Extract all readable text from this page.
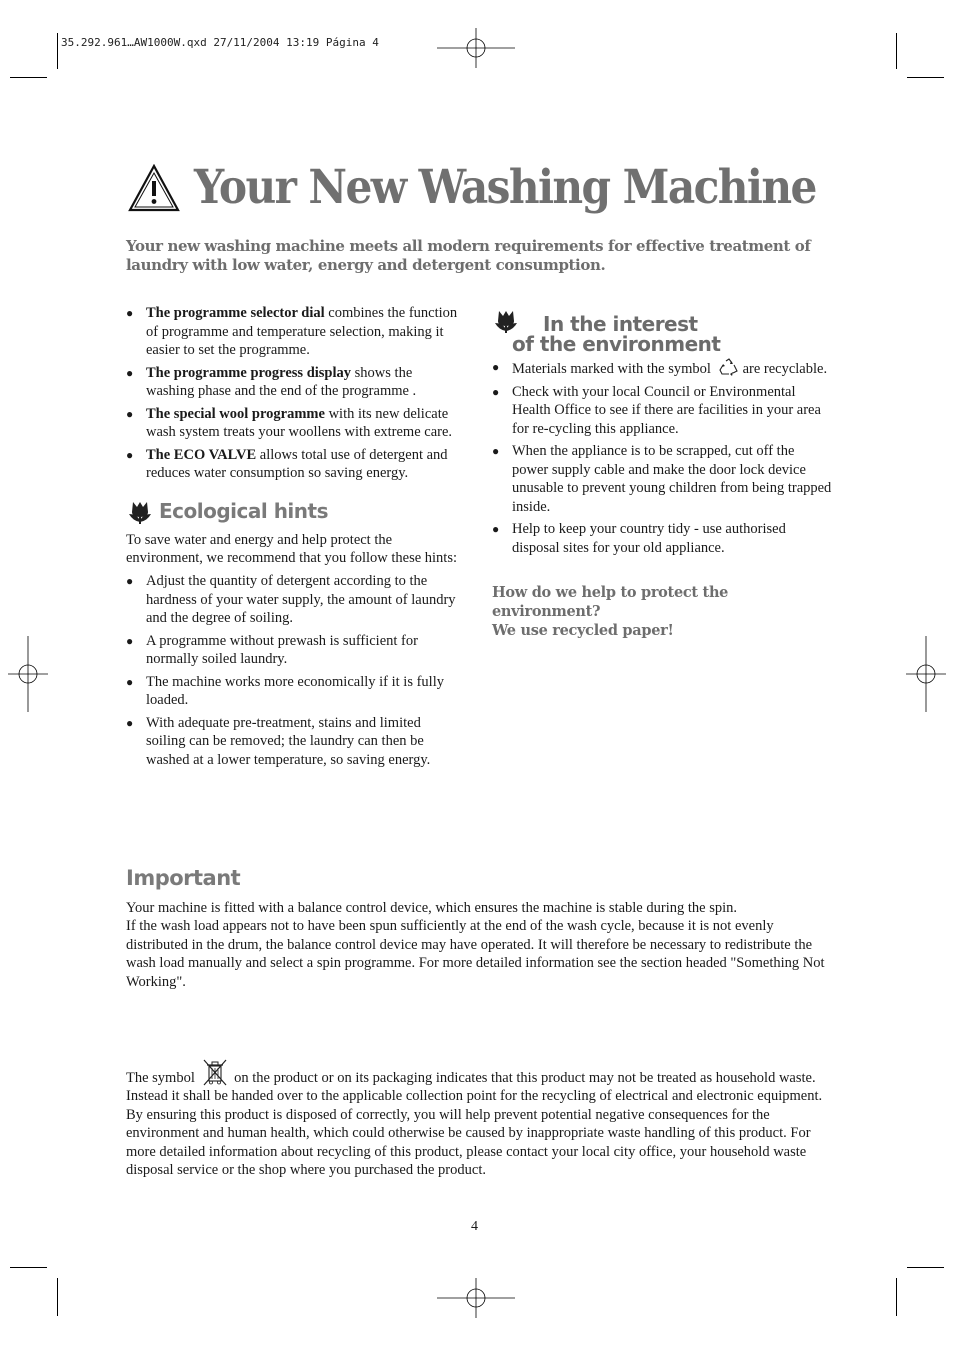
35.292.961…AW1000W.qxd 27/11/2004 13:19 Página 4
Your New Washing Machine
Your new washing machine meets all modern requirements for effective treatment of laundry with low water, energy and detergent consumption.
● The programme selector dial combines the function of programme and temperature selection, making it easier to set the programme.
● The programme progress display shows the washing phase and the end of the programme .
● The special wool programme with its new delicate wash system treats your woollens with extreme care.
● The ECO VALVE allows total use of detergent and reduces water consumption so saving energy.
Ecological hints
To save water and energy and help protect the environment, we recommend that you follow these hints:
● Adjust the quantity of detergent according to the hardness of your water supply, the amount of laundry and the degree of soiling.
● A programme without prewash is sufficient for normally soiled laundry.
● The machine works more economically if it is fully loaded.
● With adequate pre-treatment, stains and limited soiling can be removed; the laundry can then be washed at a lower temperature, so saving energy.
In the interest
of the environment
● Materials marked with the symbol are recyclable.
● Check with your local Council or Environmental Health Office to see if there are facilities in your area for re-cycling this appliance.
● When the appliance is to be scrapped, cut off the power supply cable and make the door lock device unusable to prevent young children from being trapped inside.
● Help to keep your country tidy - use authorised disposal sites for your old appliance.
How do we help to protect the environment?
We use recycled paper!
Important
Your machine is fitted with a balance control device, which ensures the machine is stable during the spin.
If the wash load appears not to have been spun sufficiently at the end of the wash cycle, because it is not evenly distributed in the drum, the balance control device may have operated. It will therefore be necessary to redistribute the wash load manually and select a spin programme. For more detailed information see the section headed "Something Not Working".
The symbol  on the product or on its packaging indicates that this product may not be treated as household waste. Instead it shall be handed over to the applicable collection point for the recycling of electrical and electronic equipment. By ensuring this product is disposed of correctly, you will help prevent potential negative consequences for the environment and human health, which could otherwise be caused by inappropriate waste handling of this product. For more detailed information about recycling of this product, please contact your local city office, your household waste disposal service or the shop where you purchased the product.
4
